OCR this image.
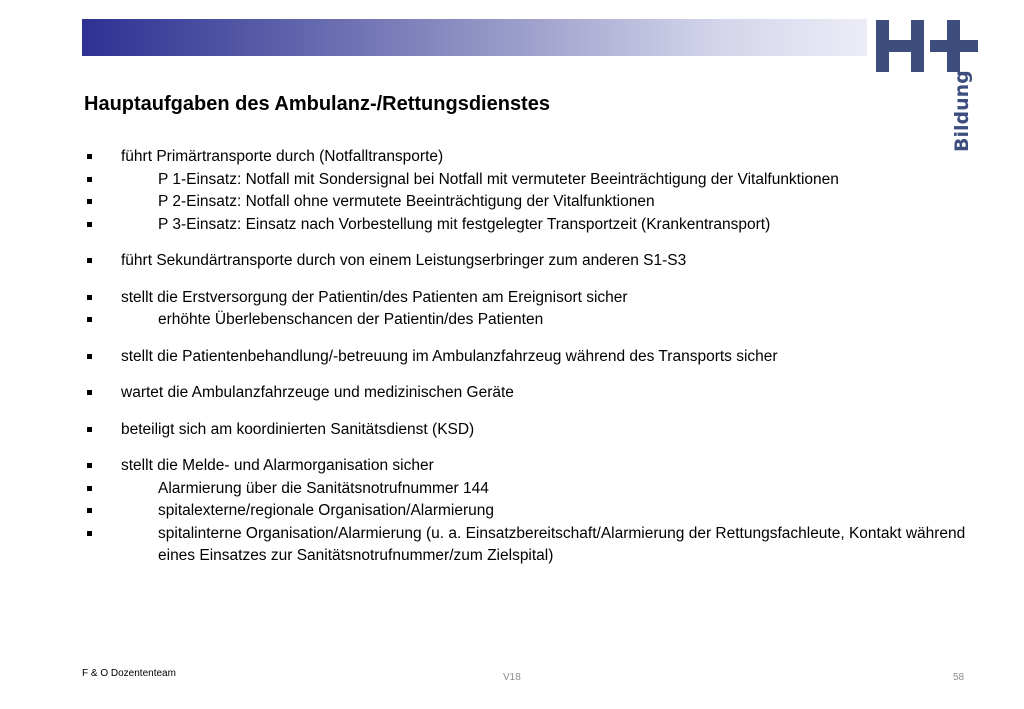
Bildung
Hauptaufgaben des Ambulanz-/Rettungsdienstes
führt Primärtransporte durch (Notfalltransporte)
P 1-Einsatz: Notfall mit Sondersignal bei Notfall mit vermuteter Beeinträchtigung der Vitalfunktionen
P 2-Einsatz: Notfall ohne vermutete Beeinträchtigung der Vitalfunktionen
P 3-Einsatz: Einsatz nach Vorbestellung mit festgelegter Transportzeit (Krankentransport)
führt Sekundärtransporte durch von einem Leistungserbringer zum anderen S1-S3
stellt die Erstversorgung der Patientin/des Patienten am Ereignisort sicher
erhöhte Überlebenschancen der Patientin/des Patienten
stellt die Patientenbehandlung/-betreuung im Ambulanzfahrzeug während des Transports sicher
wartet die Ambulanzfahrzeuge und medizinischen Geräte
beteiligt sich am koordinierten Sanitätsdienst (KSD)
stellt die Melde- und Alarmorganisation sicher
Alarmierung über die Sanitätsnotrufnummer 144
spitalexterne/regionale Organisation/Alarmierung
spitalinterne Organisation/Alarmierung (u. a. Einsatzbereitschaft/Alarmierung der Rettungsfachleute, Kontakt während eines Einsatzes zur Sanitätsnotrufnummer/zum Zielspital)
F & O Dozententeam	V18	58
